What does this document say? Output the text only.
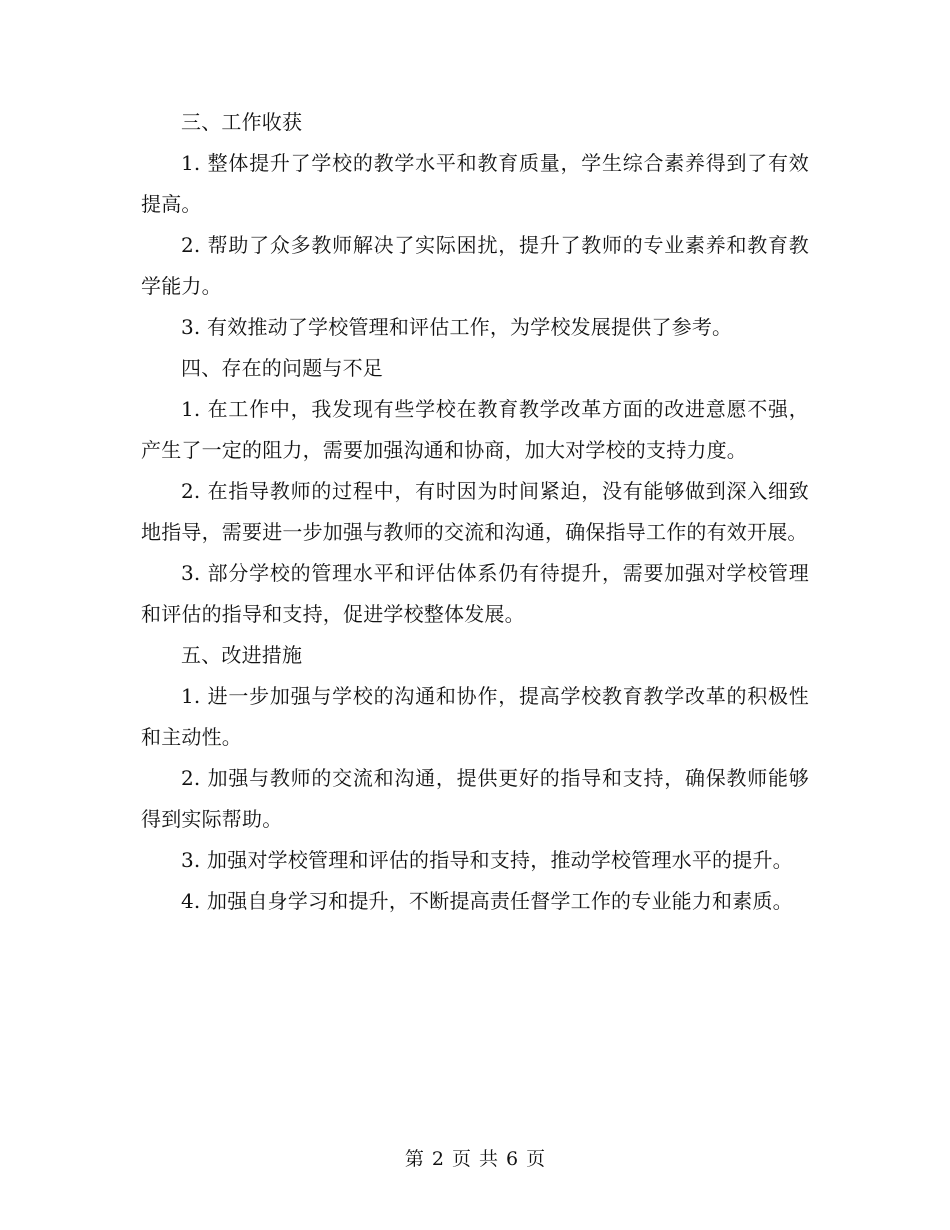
三、工作收获

1. 整体提升了学校的教学水平和教育质量，学生综合素养得到了有效提高。

2. 帮助了众多教师解决了实际困扰，提升了教师的专业素养和教育教学能力。

3. 有效推动了学校管理和评估工作，为学校发展提供了参考。

四、存在的问题与不足

1. 在工作中，我发现有些学校在教育教学改革方面的改进意愿不强，产生了一定的阻力，需要加强沟通和协商，加大对学校的支持力度。

2. 在指导教师的过程中，有时因为时间紧迫，没有能够做到深入细致地指导，需要进一步加强与教师的交流和沟通，确保指导工作的有效开展。

3. 部分学校的管理水平和评估体系仍有待提升，需要加强对学校管理和评估的指导和支持，促进学校整体发展。

五、改进措施

1. 进一步加强与学校的沟通和协作，提高学校教育教学改革的积极性和主动性。

2. 加强与教师的交流和沟通，提供更好的指导和支持，确保教师能够得到实际帮助。

3. 加强对学校管理和评估的指导和支持，推动学校管理水平的提升。

4. 加强自身学习和提升，不断提高责任督学工作的专业能力和素质。

第 2 页 共 6 页
